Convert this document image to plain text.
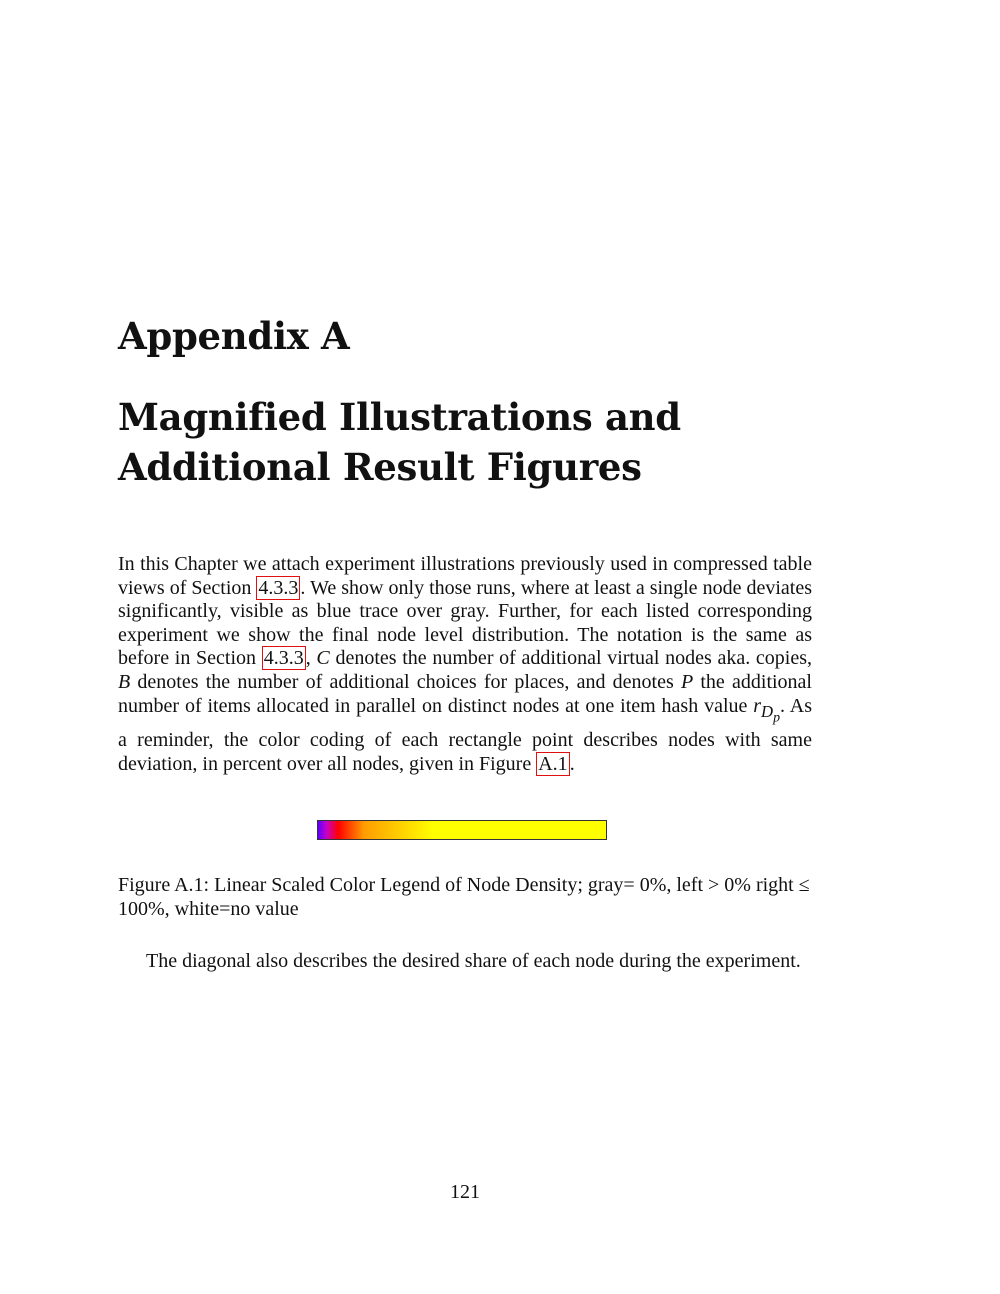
Appendix A
Magnified Illustrations and
Additional Result Figures

In this Chapter we attach experiment illustrations previously used in compressed table views of Section 4.3.3 . We show only those runs, where at least a single node deviates significantly, visible as blue trace over gray. Further, for each listed corresponding experiment we show the final node level distribution. The notation is the same as before in Section 4.3.3 , C denotes the number of additional virtual nodes aka. copies, B denotes the number of additional choices for places, and denotes P the additional number of items allocated in parallel on distinct nodes at one item hash value $r_{D_p}$. As a reminder, the color coding of each rectangle point describes nodes with same deviation, in percent over all nodes, given in Figure A.1 .

Figure A.1: Linear Scaled Color Legend of Node Density; gray= 0%, left > 0% right ≤ 100%, white=no value

The diagonal also describes the desired share of each node during the experiment.

121
